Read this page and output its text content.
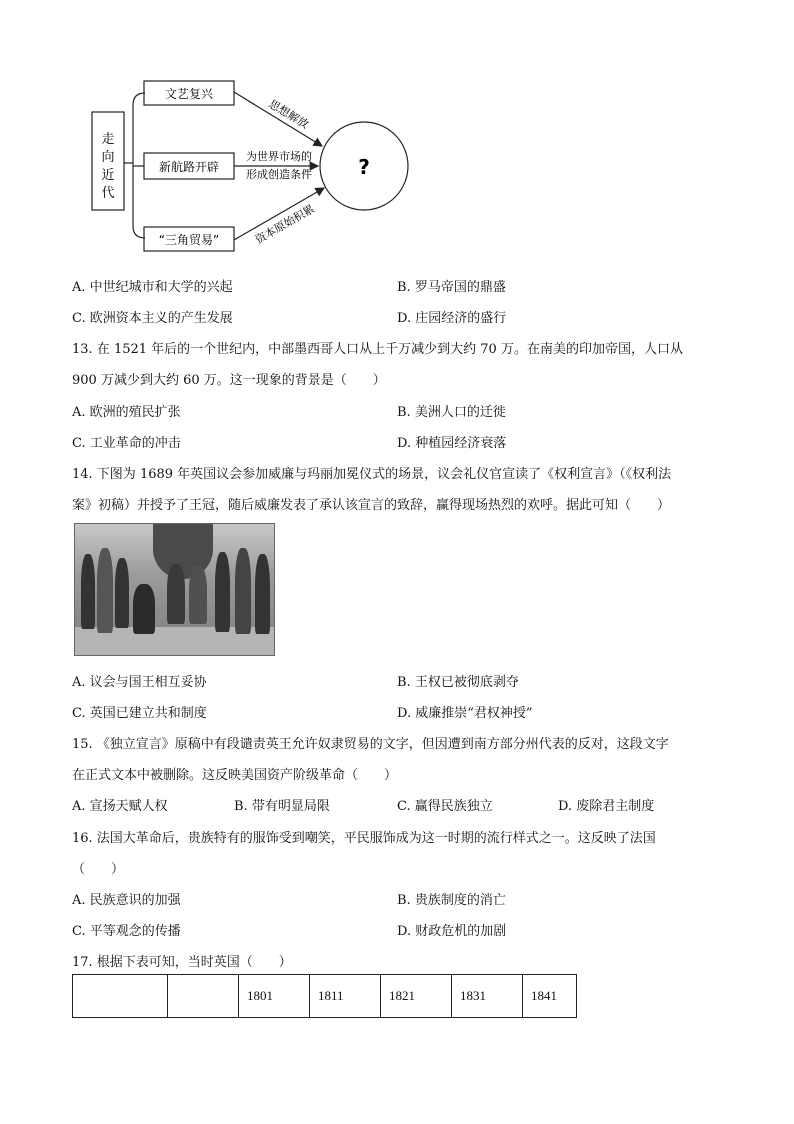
走
向
近
代
文艺复兴
新航路开辟
“三角贸易”
思想解放
为世界市场的
形成创造条件
资本原始积累
?
A. 中世纪城市和大学的兴起	B. 罗马帝国的鼎盛
C. 欧洲资本主义的产生发展	D. 庄园经济的盛行
13. 在 1521 年后的一个世纪内，中部墨西哥人口从上千万减少到大约 70 万。在南美的印加帝国，人口从
900 万减少到大约 60 万。这一现象的背景是（　　）
A. 欧洲的殖民扩张	B. 美洲人口的迁徙
C. 工业革命的冲击	D. 种植园经济衰落
14. 下图为 1689 年英国议会参加威廉与玛丽加冕仪式的场景，议会礼仪官宣读了《权利宣言》（《权利法
案》初稿）并授予了王冠，随后威廉发表了承认该宣言的致辞，赢得现场热烈的欢呼。据此可知（　　）
A. 议会与国王相互妥协	B. 王权已被彻底剥夺
C. 英国已建立共和制度	D. 威廉推崇“君权神授”
15. 《独立宣言》原稿中有段谴责英王允许奴隶贸易的文字，但因遭到南方部分州代表的反对，这段文字
在正式文本中被删除。这反映美国资产阶级革命（　　）
A. 宣扬天赋人权	B. 带有明显局限	C. 赢得民族独立	D. 废除君主制度
16. 法国大革命后，贵族特有的服饰受到嘲笑，平民服饰成为这一时期的流行样式之一。这反映了法国
（　　）
A. 民族意识的加强	B. 贵族制度的消亡
C. 平等观念的传播	D. 财政危机的加剧
17. 根据下表可知，当时英国（　　）
		1801	1811	1821	1831	1841
